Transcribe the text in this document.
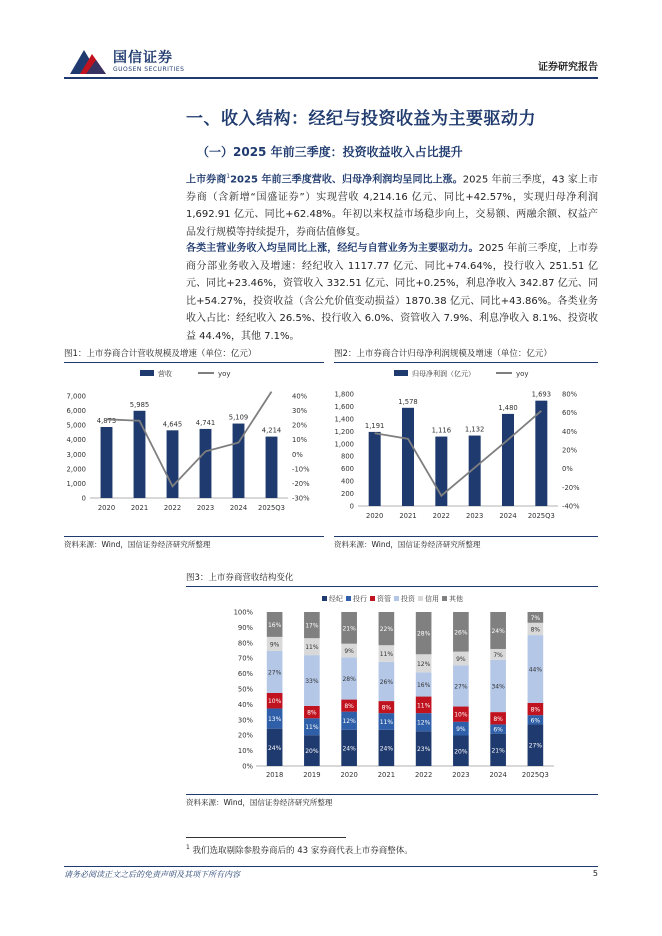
国信证券
GUOSEN SECURITIES	证券研究报告
一、收入结构：经纪与投资收益为主要驱动力
（一）2025 年前三季度：投资收益收入占比提升
上市券商$^1$2025 年前三季度营收、归母净利润均呈同比上涨。2025 年前三季度，43 家上市券商（含新增“国盛证券”）实现营收 4,214.16 亿元、同比+42.57%，实现归母净利润 1,692.91 亿元、同比+62.48%。年初以来权益市场稳步向上，交易额、两融余额、权益产品发行规模等持续提升，券商估值修复。
各类主营业务收入均呈同比上涨，经纪与自营业务为主要驱动力。2025 年前三季度，上市券商分部业务收入及增速：经纪收入 1117.77 亿元、同比+74.64%，投行收入 251.51 亿元、同比+23.46%，资管收入 332.51 亿元、同比+0.25%，利息净收入 342.87 亿元、同比+54.27%，投资收益（含公允价值变动损益）1870.38 亿元、同比+43.86%。各类业务收入占比：经纪收入 26.5%、投行收入 6.0%、资管收入 7.9%、利息净收入 8.1%、投资收益 44.4%，其他 7.1%。
图1：上市券商合计营收规模及增速（单位：亿元）
营收	yoy
0
1,000
2,000
3,000
4,000
5,000
6,000
7,000
-30%
-20%
-10%
0%
10%
20%
30%
40%
4,873
2020
5,985
2021
4,645
2022
4,741
2023
5,109
2024
4,214
2025Q3
资料来源：Wind，国信证券经济研究所整理
图2：上市券商合计归母净利润规模及增速（单位：亿元）
归母净利润（亿元）	yoy
0
200
400
600
800
1,000
1,200
1,400
1,600
1,800
-40%
-20%
0%
20%
40%
60%
80%
1,191
2020
1,578
2021
1,116
2022
1,132
2023
1,480
2024
1,693
2025Q3
资料来源：Wind，国信证券经济研究所整理
图3：上市券商营收结构变化
经纪 投行 资管 投资 信用 其他
0%
10%
20%
30%
40%
50%
60%
70%
80%
90%
100%
24%
13%
10%
27%
9%
16%
2018
20%
11%
8%
33%
11%
17%
2019
24%
12%
8%
28%
9%
21%
2020
24%
11%
8%
26%
11%
22%
2021
23%
12%
11%
16%
12%
28%
2022
20%
9%
10%
27%
9%
26%
2023
21%
6%
8%
34%
7%
24%
2024
27%
6%
8%
44%
8%
7%
2025Q3
资料来源：Wind，国信证券经济研究所整理
$^1$ 我们选取剔除参股券商后的 43 家券商代表上市券商整体。
请务必阅读正文之后的免责声明及其项下所有内容	5
